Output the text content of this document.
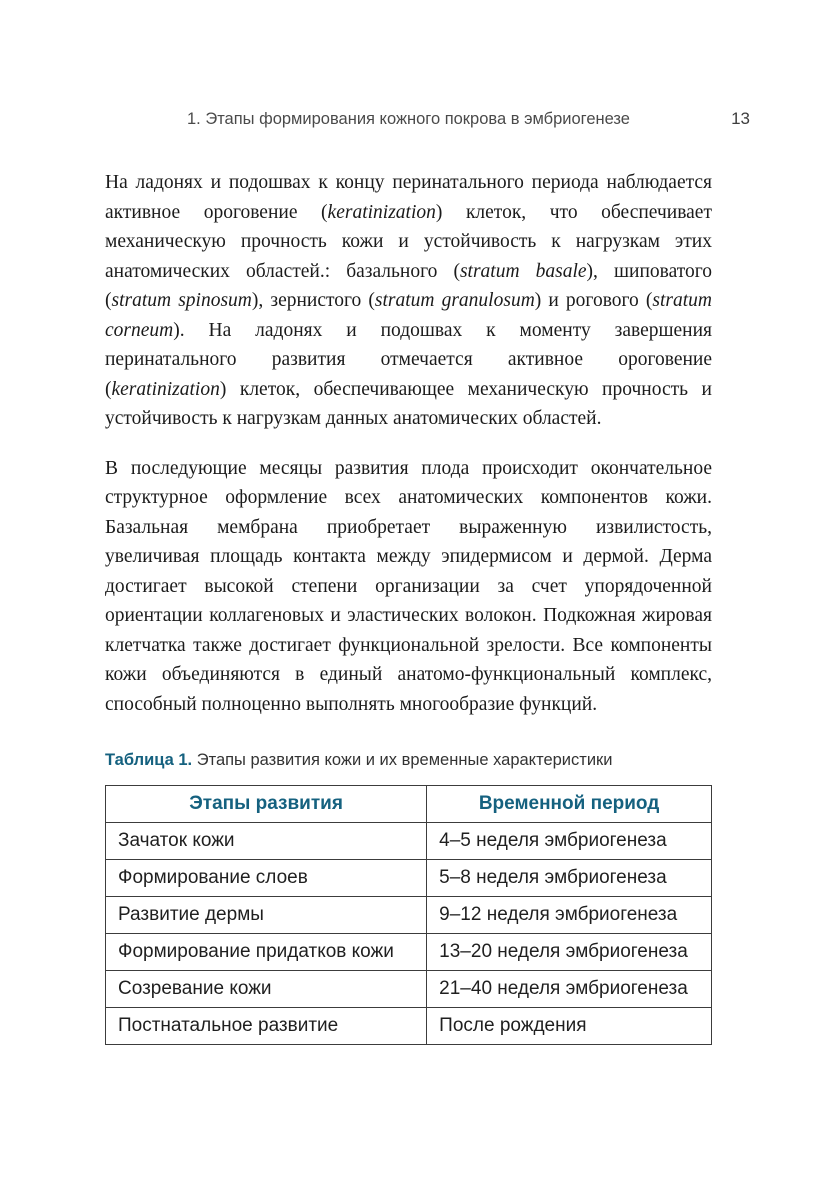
1. Этапы формирования кожного покрова в эмбриогенезе	13

На ладонях и подошвах к концу перинатального периода наблюдается активное ороговение (keratinization) клеток, что обеспечивает механическую прочность кожи и устойчивость к нагрузкам этих анатомических областей.: базального (stratum basale), шиповатого (stratum spinosum), зернистого (stratum granulosum) и рогового (stratum corneum). На ладонях и подошвах к моменту завершения перинатального развития отмечается активное ороговение (keratinization) клеток, обеспечивающее механическую прочность и устойчивость к нагрузкам данных анатомических областей.

В последующие месяцы развития плода происходит окончательное структурное оформление всех анатомических компонентов кожи. Базальная мембрана приобретает выраженную извилистость, увеличивая площадь контакта между эпидермисом и дермой. Дерма достигает высокой степени организации за счет упорядоченной ориентации коллагеновых и эластических волокон. Подкожная жировая клетчатка также достигает функциональной зрелости. Все компоненты кожи объединяются в единый анатомо-функциональный комплекс, способный полноценно выполнять многообразие функций.

Таблица 1. Этапы развития кожи и их временные характеристики

Этапы развития	Временной период
Зачаток кожи	4–5 неделя эмбриогенеза
Формирование слоев	5–8 неделя эмбриогенеза
Развитие дермы	9–12 неделя эмбриогенеза
Формирование придатков кожи	13–20 неделя эмбриогенеза
Созревание кожи	21–40 неделя эмбриогенеза
Постнатальное развитие	После рождения
